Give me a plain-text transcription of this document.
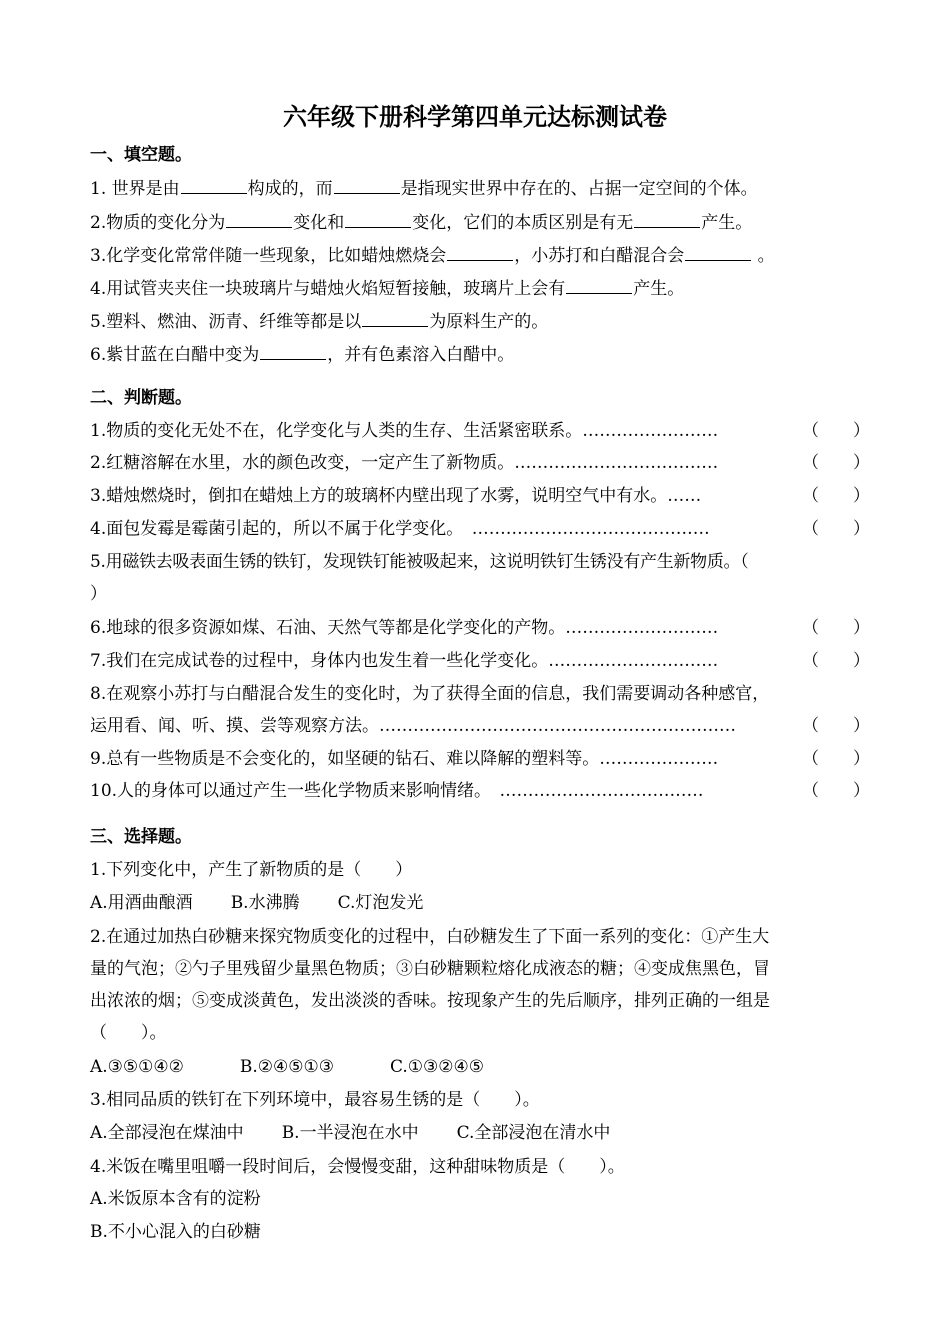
六年级下册科学第四单元达标测试卷
一、填空题。
1. 世界是由	构成的，而	是指现实世界中存在的、占据一定空间的个体。
2.物质的变化分为	变化和	变化，它们的本质区别是有无	产生。
3.化学变化常常伴随一些现象，比如蜡烛燃烧会	，小苏打和白醋混合会	。
4.用试管夹夹住一块玻璃片与蜡烛火焰短暂接触，玻璃片上会有	产生。
5.塑料、燃油、沥青、纤维等都是以	为原料生产的。
6.紫甘蓝在白醋中变为	，并有色素溶入白醋中。
二、判断题。
1.物质的变化无处不在，化学变化与人类的生存、生活紧密联系。……………………	（　　）
2.红糖溶解在水里，水的颜色改变，一定产生了新物质。………………………………	（　　）
3.蜡烛燃烧时，倒扣在蜡烛上方的玻璃杯内壁出现了水雾，说明空气中有水。……	（　　）
4.面包发霉是霉菌引起的，所以不属于化学变化。　……………………………………	（　　）
5.用磁铁去吸表面生锈的铁钉，发现铁钉能被吸起来，这说明铁钉生锈没有产生新物质。（
）
6.地球的很多资源如煤、石油、天然气等都是化学变化的产物。………………………	（　　）
7.我们在完成试卷的过程中，身体内也发生着一些化学变化。…………………………	（　　）
8.在观察小苏打与白醋混合发生的变化时，为了获得全面的信息，我们需要调动各种感官，
运用看、闻、听、摸、尝等观察方法。………………………………………………………	（　　）
9.总有一些物质是不会变化的，如坚硬的钻石、难以降解的塑料等。…………………	（　　）
10.人的身体可以通过产生一些化学物质来影响情绪。　………………………………	（　　）
三、选择题。
1.下列变化中，产生了新物质的是（　　）
A.用酒曲酿酒 B.水沸腾 C.灯泡发光
2.在通过加热白砂糖来探究物质变化的过程中，白砂糖发生了下面一系列的变化：①产生大
量的气泡；②勺子里残留少量黑色物质；③白砂糖颗粒熔化成液态的糖；④变成焦黑色，冒
出浓浓的烟；⑤变成淡黄色，发出淡淡的香味。按现象产生的先后顺序，排列正确的一组是
（　　）。
A.③⑤①④②	B.②④⑤①③	C.①③②④⑤
3.相同品质的铁钉在下列环境中，最容易生锈的是（　　）。
A.全部浸泡在煤油中 B.一半浸泡在水中 C.全部浸泡在清水中
4.米饭在嘴里咀嚼一段时间后，会慢慢变甜，这种甜味物质是（　　）。
A.米饭原本含有的淀粉
B.不小心混入的白砂糖
